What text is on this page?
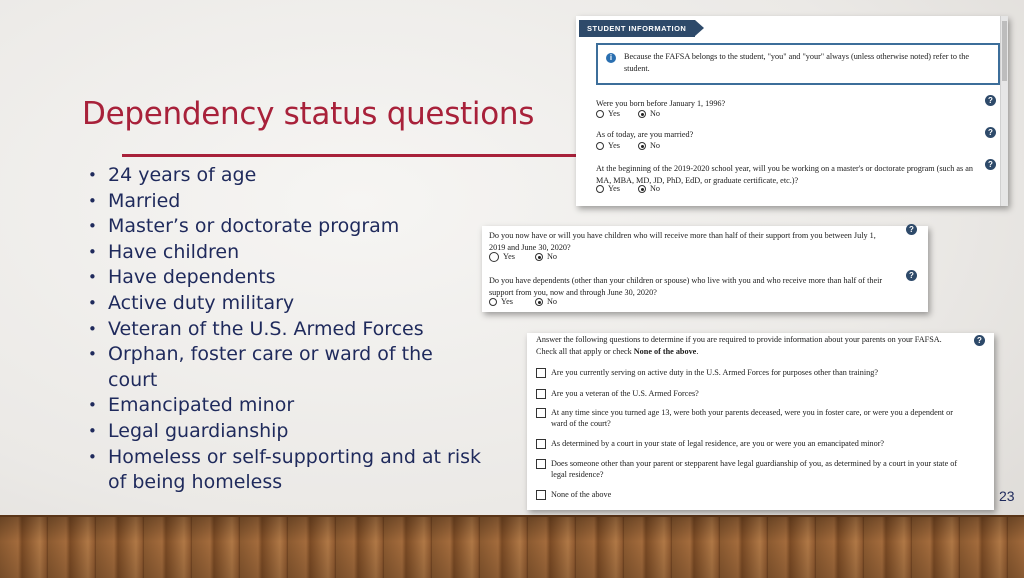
Dependency status questions
• 24 years of age
• Married
• Master’s or doctorate program
• Have children
• Have dependents
• Active duty military
• Veteran of the U.S. Armed Forces
• Orphan, foster care or ward of the court
• Emancipated minor
• Legal guardianship
• Homeless or self-supporting and at risk of being homeless
23
STUDENT INFORMATION
i	Because the FAFSA belongs to the student, "you" and "your" always (unless otherwise noted) refer to the student.
Were you born before January 1, 1996?	?
Yes	No
As of today, are you married?	?
Yes	No
At the beginning of the 2019-2020 school year, will you be working on a master's or doctorate program (such as an MA, MBA, MD, JD, PhD, EdD, or graduate certificate, etc.)?
?
Yes	No
Do you now have or will you have children who will receive more than half of their support from you between July 1, 2019 and June 30, 2020?
?
Yes	No
Do you have dependents (other than your children or spouse) who live with you and who receive more than half of their support from you, now and through June 30, 2020?
?
Yes	No
Answer the following questions to determine if you are required to provide information about your parents on your FAFSA. Check all that apply or check None of the above.
?
Are you currently serving on active duty in the U.S. Armed Forces for purposes other than training?
Are you a veteran of the U.S. Armed Forces?
At any time since you turned age 13, were both your parents deceased, were you in foster care, or were you a dependent or ward of the court?
As determined by a court in your state of legal residence, are you or were you an emancipated minor?
Does someone other than your parent or stepparent have legal guardianship of you, as determined by a court in your state of legal residence?
None of the above
